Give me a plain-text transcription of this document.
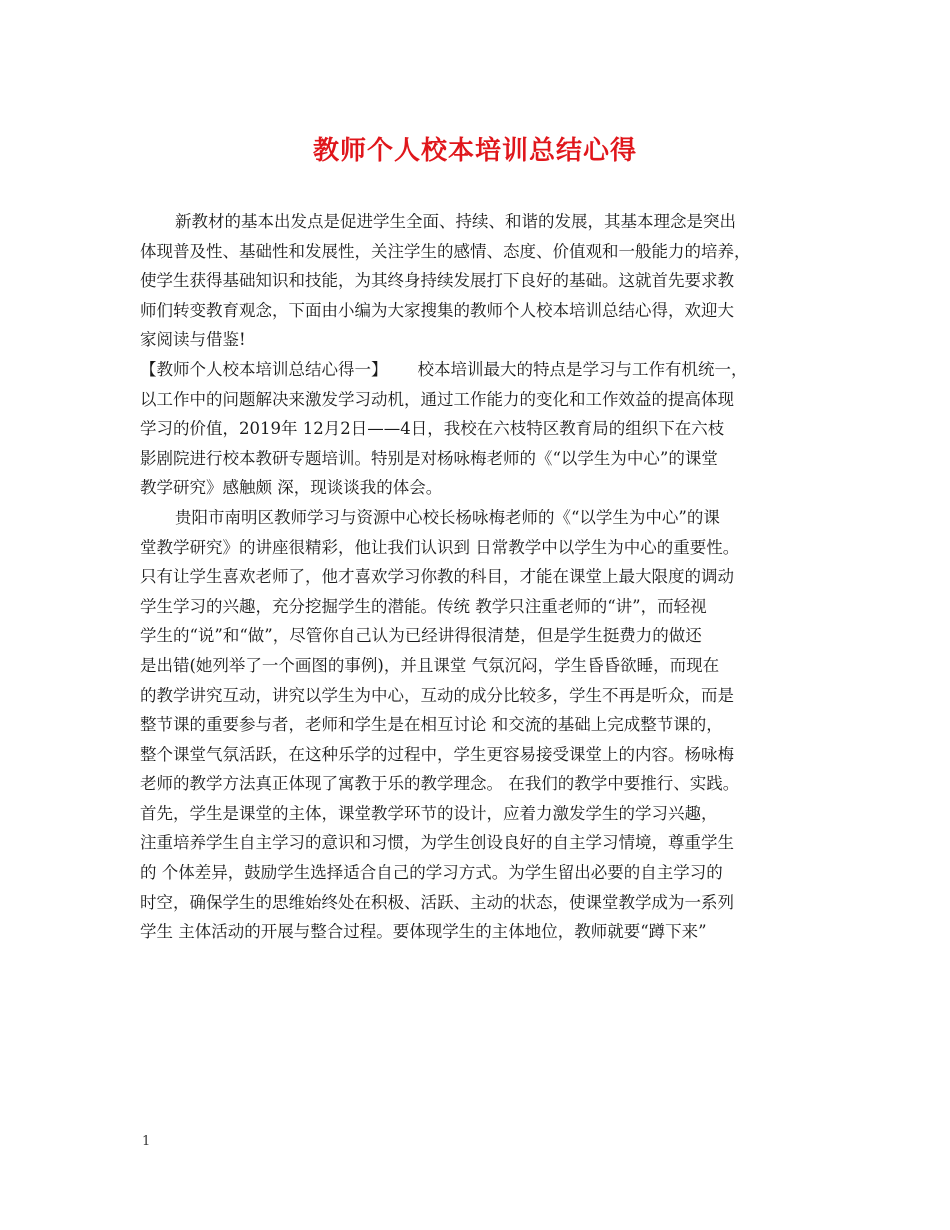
教师个人校本培训总结心得
新教材的基本出发点是促进学生全面、持续、和谐的发展，其基本理念是突出
体现普及性、基础性和发展性，关注学生的感情、态度、价值观和一般能力的培养，
使学生获得基础知识和技能，为其终身持续发展打下良好的基础。这就首先要求教
师们转变教育观念，下面由小编为大家搜集的教师个人校本培训总结心得，欢迎大
家阅读与借鉴!
【教师个人校本培训总结心得一】　　 校本培训最大的特点是学习与工作有机统一，
以工作中的问题解决来激发学习动机，通过工作能力的变化和工作效益的提高体现
学习的价值，2019年 12月2日——4日，我校在六枝特区教育局的组织下在六枝
影剧院进行校本教研专题培训。特别是对杨咏梅老师的《“以学生为中心”的课堂
教学研究》感触颇 深，现谈谈我的体会。
贵阳市南明区教师学习与资源中心校长杨咏梅老师的《“以学生为中心”的课
堂教学研究》的讲座很精彩，他让我们认识到 日常教学中以学生为中心的重要性。
只有让学生喜欢老师了，他才喜欢学习你教的科目，才能在课堂上最大限度的调动
学生学习的兴趣，充分挖掘学生的潜能。传统 教学只注重老师的“讲”，而轻视
学生的“说”和“做”，尽管你自己认为已经讲得很清楚，但是学生挺费力的做还
是出错(她列举了一个画图的事例)，并且课堂 气氛沉闷，学生昏昏欲睡，而现在
的教学讲究互动，讲究以学生为中心，互动的成分比较多，学生不再是听众，而是
整节课的重要参与者，老师和学生是在相互讨论 和交流的基础上完成整节课的，
整个课堂气氛活跃，在这种乐学的过程中，学生更容易接受课堂上的内容。杨咏梅
老师的教学方法真正体现了寓教于乐的教学理念。 在我们的教学中要推行、实践。
首先，学生是课堂的主体，课堂教学环节的设计，应着力激发学生的学习兴趣，
注重培养学生自主学习的意识和习惯，为学生创设良好的自主学习情境，尊重学生
的 个体差异，鼓励学生选择适合自己的学习方式。为学生留出必要的自主学习的
时空，确保学生的思维始终处在积极、活跃、主动的状态，使课堂教学成为一系列
学生 主体活动的开展与整合过程。要体现学生的主体地位，教师就要“蹲下来”
1
